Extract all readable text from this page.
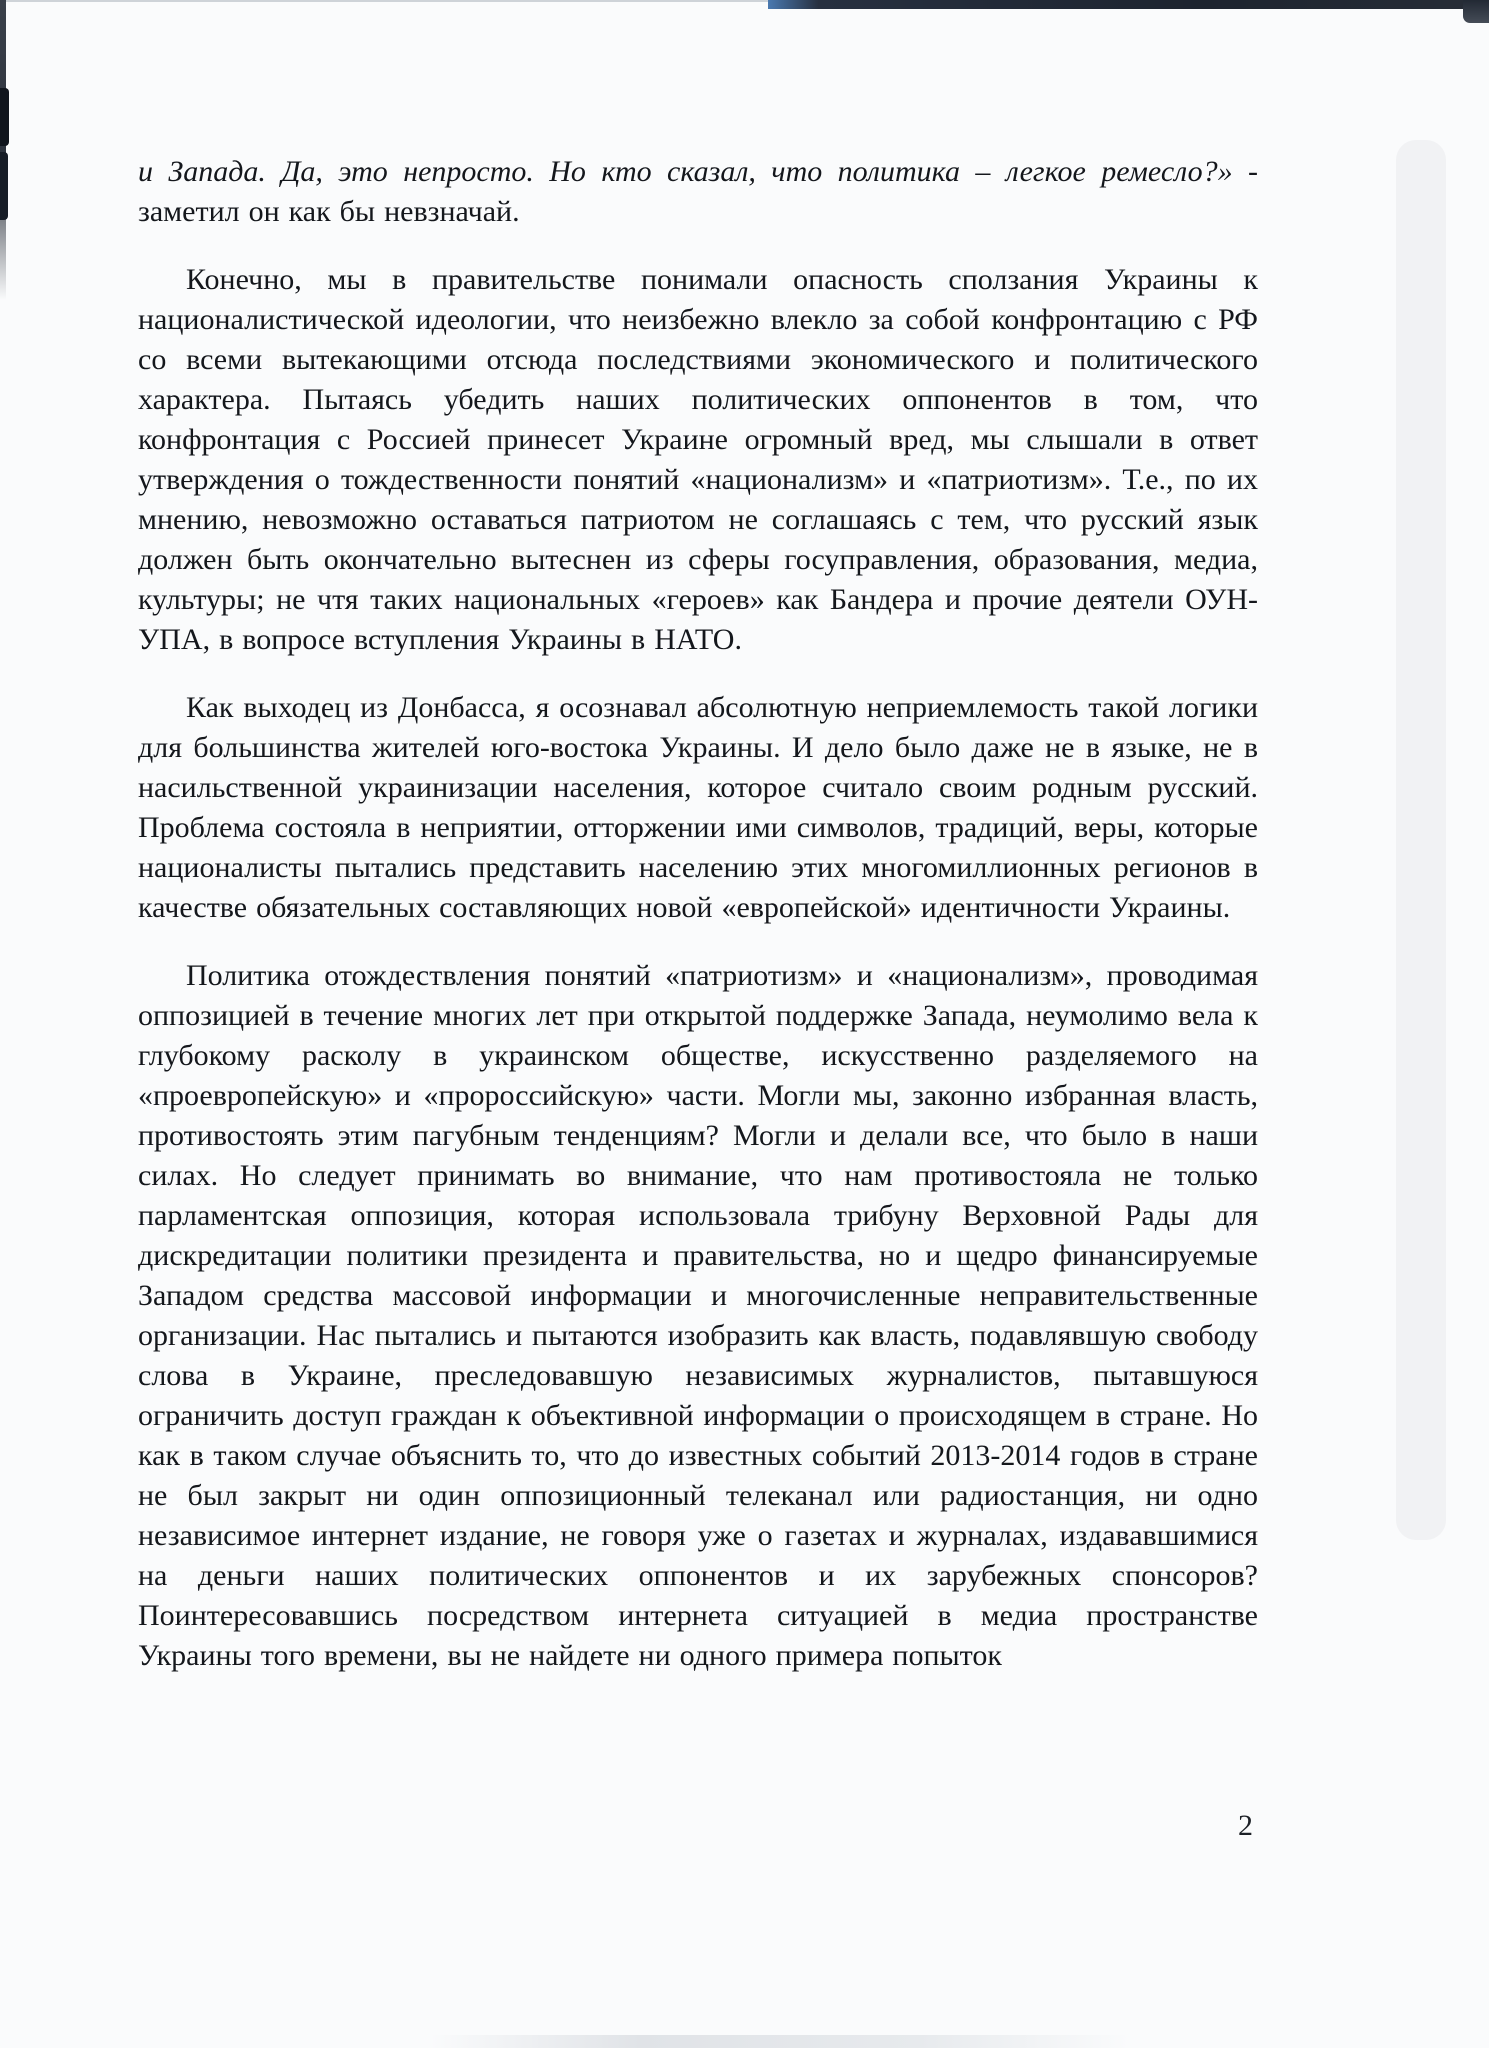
и Запада. Да, это непросто. Но кто сказал, что политика – легкое ремесло?» - заметил он как бы невзначай.

Конечно, мы в правительстве понимали опасность сползания Украины к националистической идеологии, что неизбежно влекло за собой конфронтацию с РФ со всеми вытекающими отсюда последствиями экономического и политического характера. Пытаясь убедить наших политических оппонентов в том, что конфронтация с Россией принесет Украине огромный вред, мы слышали в ответ утверждения о тождественности понятий «национализм» и «патриотизм». Т.е., по их мнению, невозможно оставаться патриотом не соглашаясь с тем, что русский язык должен быть окончательно вытеснен из сферы госуправления, образования, медиа, культуры; не чтя таких национальных «героев» как Бандера и прочие деятели ОУН-УПА, в вопросе вступления Украины в НАТО.

Как выходец из Донбасса, я осознавал абсолютную неприемлемость такой логики для большинства жителей юго-востока Украины. И дело было даже не в языке, не в насильственной украинизации населения, которое считало своим родным русский. Проблема состояла в неприятии, отторжении ими символов, традиций, веры, которые националисты пытались представить населению этих многомиллионных регионов в качестве обязательных составляющих новой «европейской» идентичности Украины.

Политика отождествления понятий «патриотизм» и «национализм», проводимая оппозицией в течение многих лет при открытой поддержке Запада, неумолимо вела к глубокому расколу в украинском обществе, искусственно разделяемого на «проевропейскую» и «пророссийскую» части. Могли мы, законно избранная власть, противостоять этим пагубным тенденциям? Могли и делали все, что было в наши силах. Но следует принимать во внимание, что нам противостояла не только парламентская оппозиция, которая использовала трибуну Верховной Рады для дискредитации политики президента и правительства, но и щедро финансируемые Западом средства массовой информации и многочисленные неправительственные организации. Нас пытались и пытаются изобразить как власть, подавлявшую свободу слова в Украине, преследовавшую независимых журналистов, пытавшуюся ограничить доступ граждан к объективной информации о происходящем в стране. Но как в таком случае объяснить то, что до известных событий 2013-2014 годов в стране не был закрыт ни один оппозиционный телеканал или радиостанция, ни одно независимое интернет издание, не говоря уже о газетах и журналах, издававшимися на деньги наших политических оппонентов и их зарубежных спонсоров? Поинтересовавшись посредством интернета ситуацией в медиа пространстве Украины того времени, вы не найдете ни одного примера попыток

2
